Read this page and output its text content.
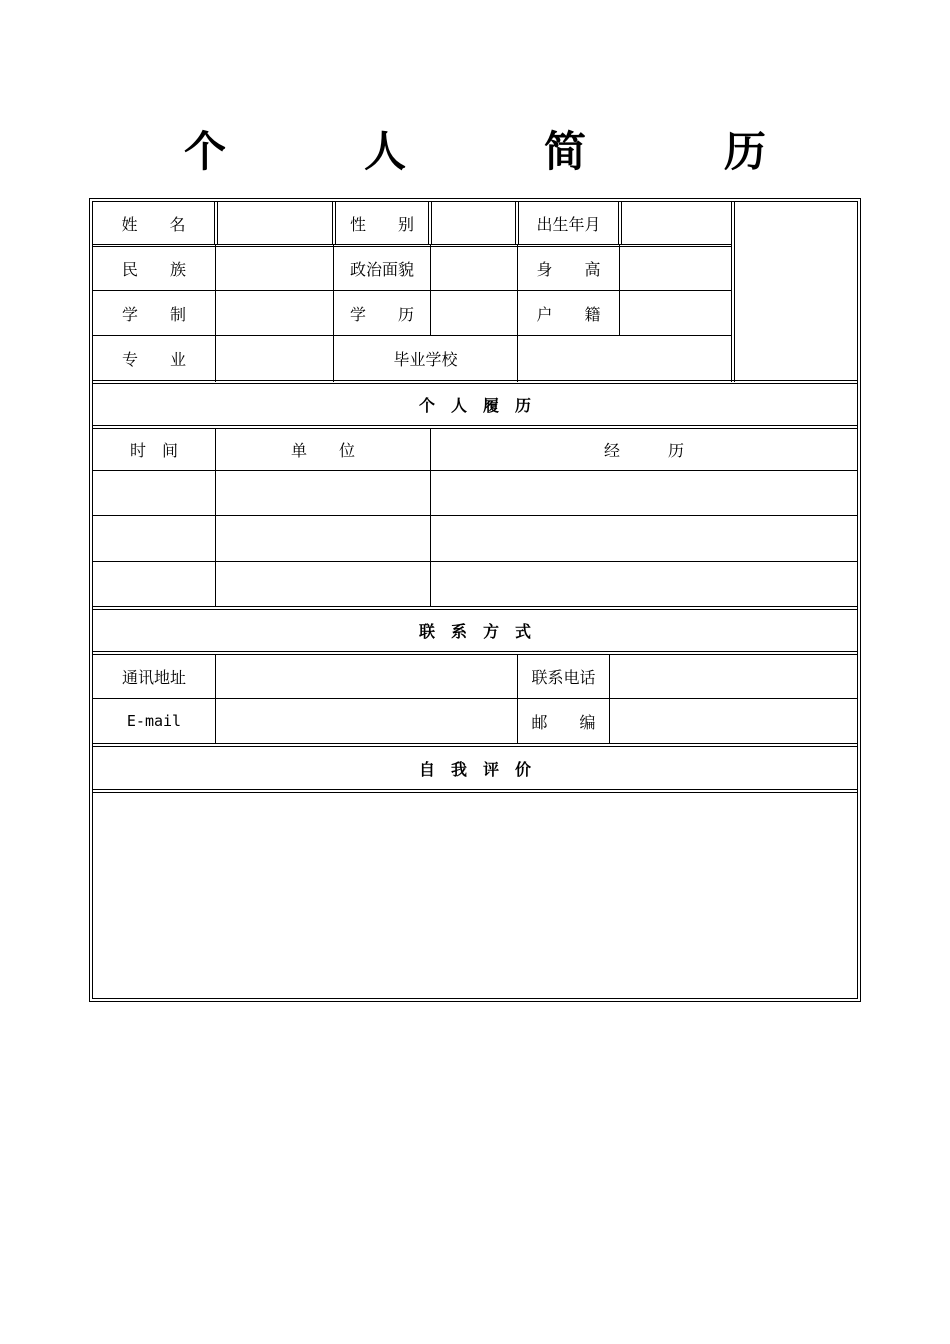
个　人　简　历
姓　　名	性　　别	出生年月
民　　族	政治面貌	身　　高
学　　制	学　　历	户　　籍
专　　业	毕业学校
个　人　履　历
时　间	单　　位	经　　　历
联　系　方　式
通讯地址	联系电话
E-mail	邮　　编
自　我　评　价
